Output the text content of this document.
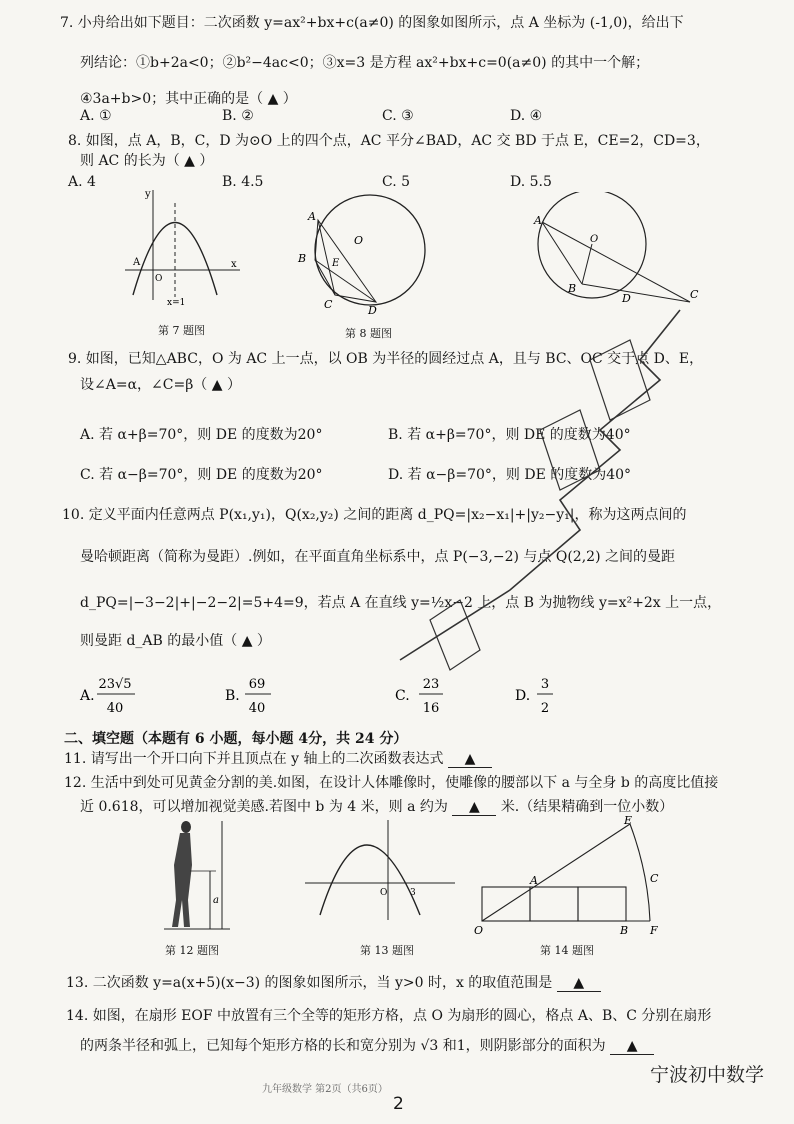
7. 小舟给出如下题目：二次函数 y=ax²+bx+c(a≠0) 的图象如图所示，点 A 坐标为 (-1,0)，给出下
列结论：①b+2a<0；②b²−4ac<0；③x=3 是方程 ax²+bx+c=0(a≠0) 的其中一个解；
④3a+b>0；其中正确的是（ ▲ ）
A. ①	B. ②	C. ③	D. ④
8. 如图，点 A，B，C，D 为⊙O 上的四个点，AC 平分∠BAD，AC 交 BD 于点 E，CE=2，CD=3，
则 AC 的长为（ ▲ ）
A. 4	B. 4.5	C. 5	D. 5.5
y
x
A
O
x=1
第 7 题图
A
B
C	D
E
O
第 8 题图
A
O
B
D	C
9. 如图，已知△ABC，O 为 AC 上一点，以 OB 为半径的圆经过点 A，且与 BC、OC 交于点 D、E，
设∠A=α，∠C=β（ ▲ ）
A. 若 α+β=70°，则 DE 的度数为20°	B. 若 α+β=70°，则 DE 的度数为40°
C. 若 α−β=70°，则 DE 的度数为20°	D. 若 α−β=70°，则 DE 的度数为40°
10. 定义平面内任意两点 P(x₁,y₁)，Q(x₂,y₂) 之间的距离 d_PQ=|x₂−x₁|+|y₂−y₁|，称为这两点间的
曼哈顿距离（简称为曼距）.例如，在平面直角坐标系中，点 P(−3,−2) 与点 Q(2,2) 之间的曼距
d_PQ=|−3−2|+|−2−2|=5+4=9，若点 A 在直线 y=½x−2 上，点 B 为抛物线 y=x²+2x 上一点，
则曼距 d_AB 的最小值（ ▲ ）
A.
23√5
40
B.
69
40
C.
23
16
D.
3
2
二、填空题（本题有 6 小题，每小题 4分，共 24 分）
11. 请写出一个开口向下并且顶点在 y 轴上的二次函数表达式 ▲
12. 生活中到处可见黄金分割的美.如图，在设计人体雕像时，使雕像的腰部以下 a 与全身 b 的高度比值接
近 0.618，可以增加视觉美感.若图中 b 为 4 米，则 a 约为 ▲ 米.（结果精确到一位小数）
a
第 12 题图
O	3
第 13 题图
E
C
A
O	B F
第 14 题图
13. 二次函数 y=a(x+5)(x−3) 的图象如图所示，当 y>0 时，x 的取值范围是 ▲
14. 如图，在扇形 EOF 中放置有三个全等的矩形方格，点 O 为扇形的圆心，格点 A、B、C 分别在扇形
的两条半径和弧上，已知每个矩形方格的长和宽分别为 √3 和1，则阴影部分的面积为 ▲
九年级数学 第2页（共6页）
宁波初中数学
2
